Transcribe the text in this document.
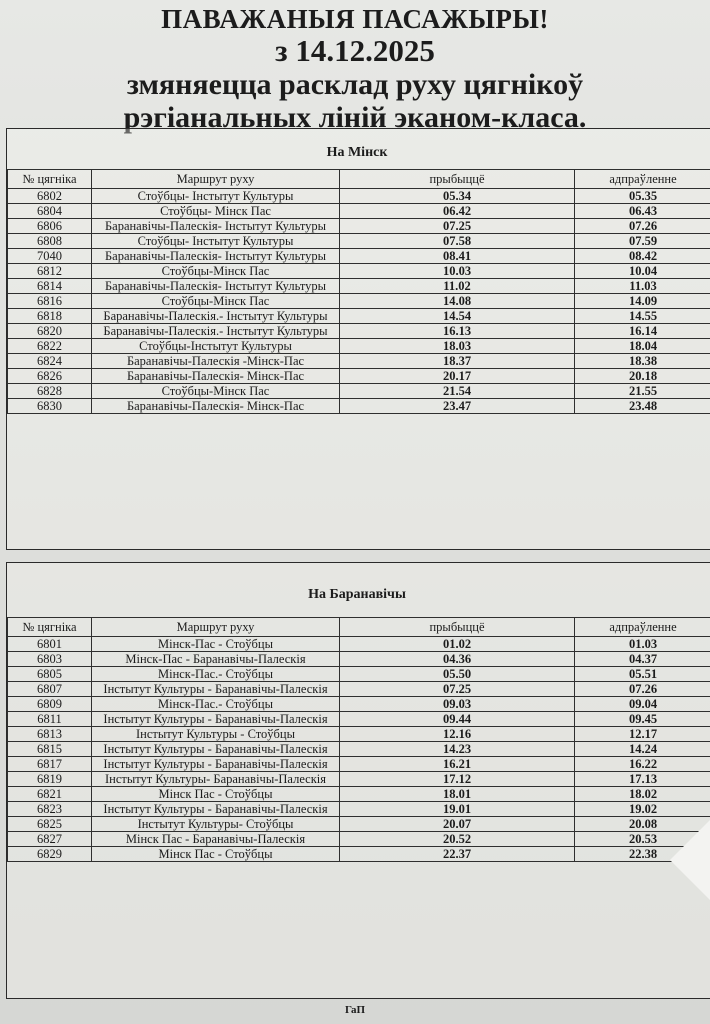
ПАВАЖАНЫЯ ПАСАЖЫРЫ!
з 14.12.2025
змяняецца расклад руху цягнікоў
рэгіанальных ліній эканом-класа.
На Мінск
№ цягніка	Маршрут руху	прыбыццё	адпраўленне
6802	Стоўбцы- Інстытут Культуры	05.34	05.35
6804	Стоўбцы- Мінск Пас	06.42	06.43
6806	Баранавічы-Палескія- Інстытут Культуры	07.25	07.26
6808	Стоўбцы- Інстытут Культуры	07.58	07.59
7040	Баранавічы-Палескія- Інстытут Культуры	08.41	08.42
6812	Стоўбцы-Мінск Пас	10.03	10.04
6814	Баранавічы-Палескія- Інстытут Культуры	11.02	11.03
6816	Стоўбцы-Мінск Пас	14.08	14.09
6818	Баранавічы-Палескія.- Інстытут Культуры	14.54	14.55
6820	Баранавічы-Палескія.- Інстытут Культуры	16.13	16.14
6822	Стоўбцы-Інстытут Культуры	18.03	18.04
6824	Баранавічы-Палескія -Мінск-Пас	18.37	18.38
6826	Баранавічы-Палескія- Мінск-Пас	20.17	20.18
6828	Стоўбцы-Мінск Пас	21.54	21.55
6830	Баранавічы-Палескія- Мінск-Пас	23.47	23.48
На Баранавічы
№ цягніка	Маршрут руху	прыбыццё	адпраўленне
6801	Мінск-Пас - Стоўбцы	01.02	01.03
6803	Мінск-Пас - Баранавічы-Палескія	04.36	04.37
6805	Мінск-Пас.- Стоўбцы	05.50	05.51
6807	Інстытут Культуры - Баранавічы-Палескія	07.25	07.26
6809	Мінск-Пас.- Стоўбцы	09.03	09.04
6811	Інстытут Культуры - Баранавічы-Палескія	09.44	09.45
6813	Інстытут Культуры - Стоўбцы	12.16	12.17
6815	Інстытут Культуры - Баранавічы-Палескія	14.23	14.24
6817	Інстытут Культуры - Баранавічы-Палескія	16.21	16.22
6819	Інстытут Культуры- Баранавічы-Палескія	17.12	17.13
6821	Мінск Пас - Стоўбцы	18.01	18.02
6823	Інстытут Культуры - Баранавічы-Палескія	19.01	19.02
6825	Інстытут Культуры- Стоўбцы	20.07	20.08
6827	Мінск Пас - Баранавічы-Палескія	20.52	20.53
6829	Мінск Пас - Стоўбцы	22.37	22.38
ГаП
